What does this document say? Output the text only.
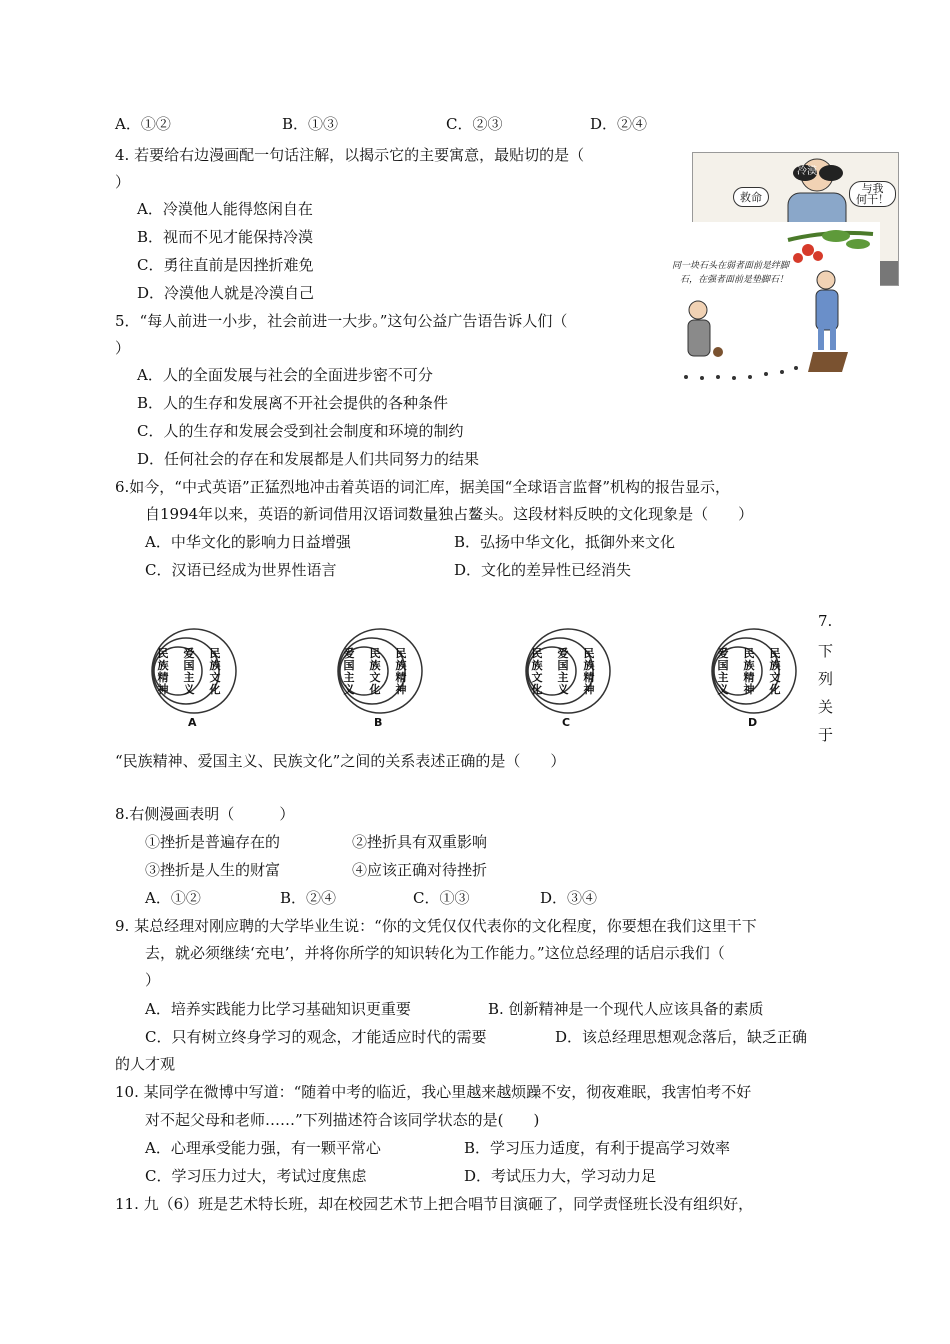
A．①②	B．①③	C．②③	D．②④
4. 若要给右边漫画配一句话注解，以揭示它的主要寓意，最贴切的是（
）
A．冷漠他人能得悠闲自在
B．视而不见才能保持冷漠
C．勇往直前是因挫折难免
D．冷漠他人就是冷漠自己
救命
与我
何干！
冷漠
同一块石头在弱者面前是绊脚
石，在强者面前是垫脚石！
5．“每人前进一小步，社会前进一大步。”这句公益广告语告诉人们（
）
A．人的全面发展与社会的全面进步密不可分
B．人的生存和发展离不开社会提供的各种条件
C．人的生存和发展会受到社会制度和环境的制约
D．任何社会的存在和发展都是人们共同努力的结果
6.如今，“中式英语”正猛烈地冲击着英语的词汇库，据美国“全球语言监督”机构的报告显示，
自1994年以来，英语的新词借用汉语词数量独占鳌头。这段材料反映的文化现象是（　　）
A．中华文化的影响力日益增强	B．弘扬中华文化，抵御外来文化
C．汉语已经成为世界性语言	D．文化的差异性已经消失
民族精神
爱国主义
民族文化
A
爱国主义
民族文化
民族精神
B
民族文化
爱国主义
民族精神
C
爱国主义
民族精神
民族文化
D
7.
下
列
关
于
“民族精神、爱国主义、民族文化”之间的关系表述正确的是（　　）
8.右侧漫画表明（　　　）
①挫折是普遍存在的	②挫折具有双重影响
③挫折是人生的财富	④应该正确对待挫折
A．①②	B．②④	C．①③	D．③④
9. 某总经理对刚应聘的大学毕业生说：“你的文凭仅仅代表你的文化程度，你要想在我们这里干下
去，就必须继续‘充电’，并将你所学的知识转化为工作能力。”这位总经理的话启示我们（
）
A．培养实践能力比学习基础知识更重要	B. 创新精神是一个现代人应该具备的素质
C．只有树立终身学习的观念，才能适应时代的需要	D．该总经理思想观念落后，缺乏正确
的人才观
10. 某同学在微博中写道：“随着中考的临近，我心里越来越烦躁不安，彻夜难眠，我害怕考不好
对不起父母和老师……”下列描述符合该同学状态的是(　　)
A．心理承受能力强，有一颗平常心	B．学习压力适度，有利于提高学习效率
C．学习压力过大，考试过度焦虑	D．考试压力大，学习动力足
11. 九（6）班是艺术特长班，却在校园艺术节上把合唱节目演砸了，同学责怪班长没有组织好，
